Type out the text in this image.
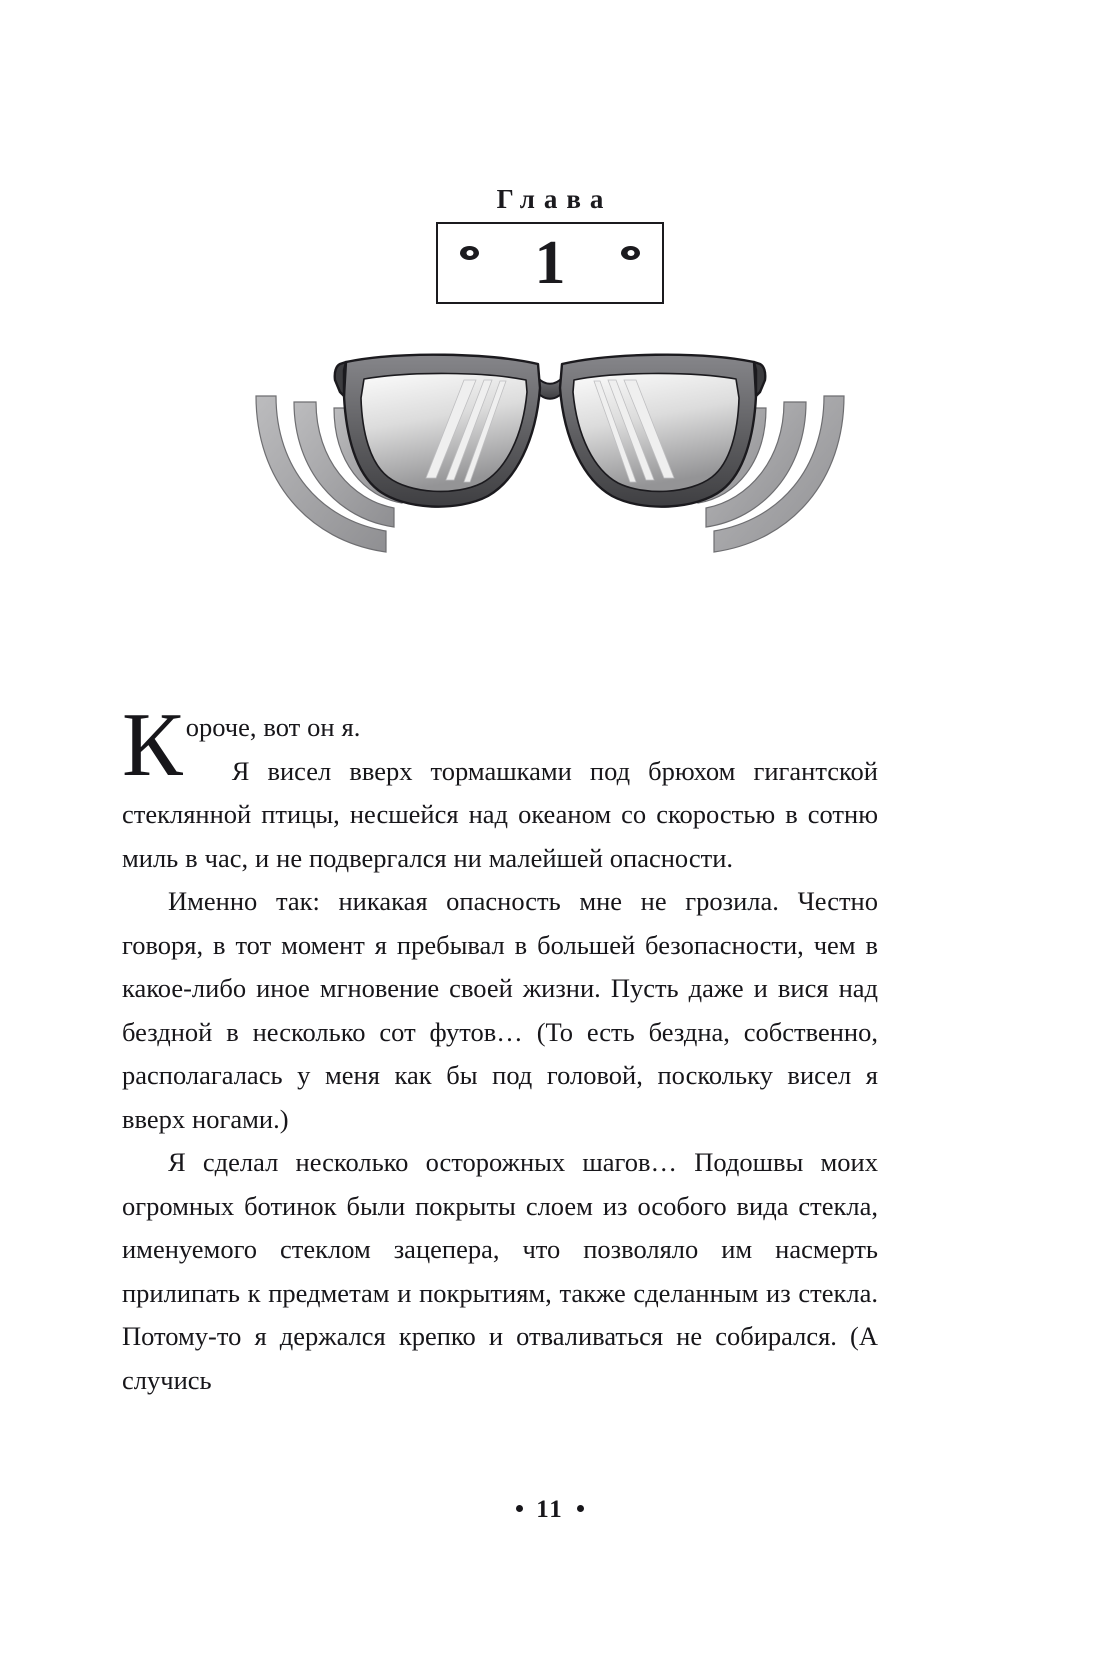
Глава
1

Короче, вот он я.
Я висел вверх тормашками под брюхом гигантской стеклянной птицы, несшейся над океаном со скоростью в сотню миль в час, и не подвергался ни малейшей опасности.

Именно так: никакая опасность мне не грозила. Честно говоря, в тот момент я пребывал в большей безопасности, чем в какое-либо иное мгновение своей жизни. Пусть даже и вися над бездной в несколько сот футов… (То есть бездна, собственно, располагалась у меня как бы под головой, поскольку висел я вверх ногами.)

Я сделал несколько осторожных шагов… Подошвы моих огромных ботинок были покрыты слоем из особого вида стекла, именуемого стеклом зацепера, что позволяло им насмерть прилипать к предметам и покрытиям, также сделанным из стекла. Потому-то я держался крепко и отваливаться не собирался. (А случись

11
